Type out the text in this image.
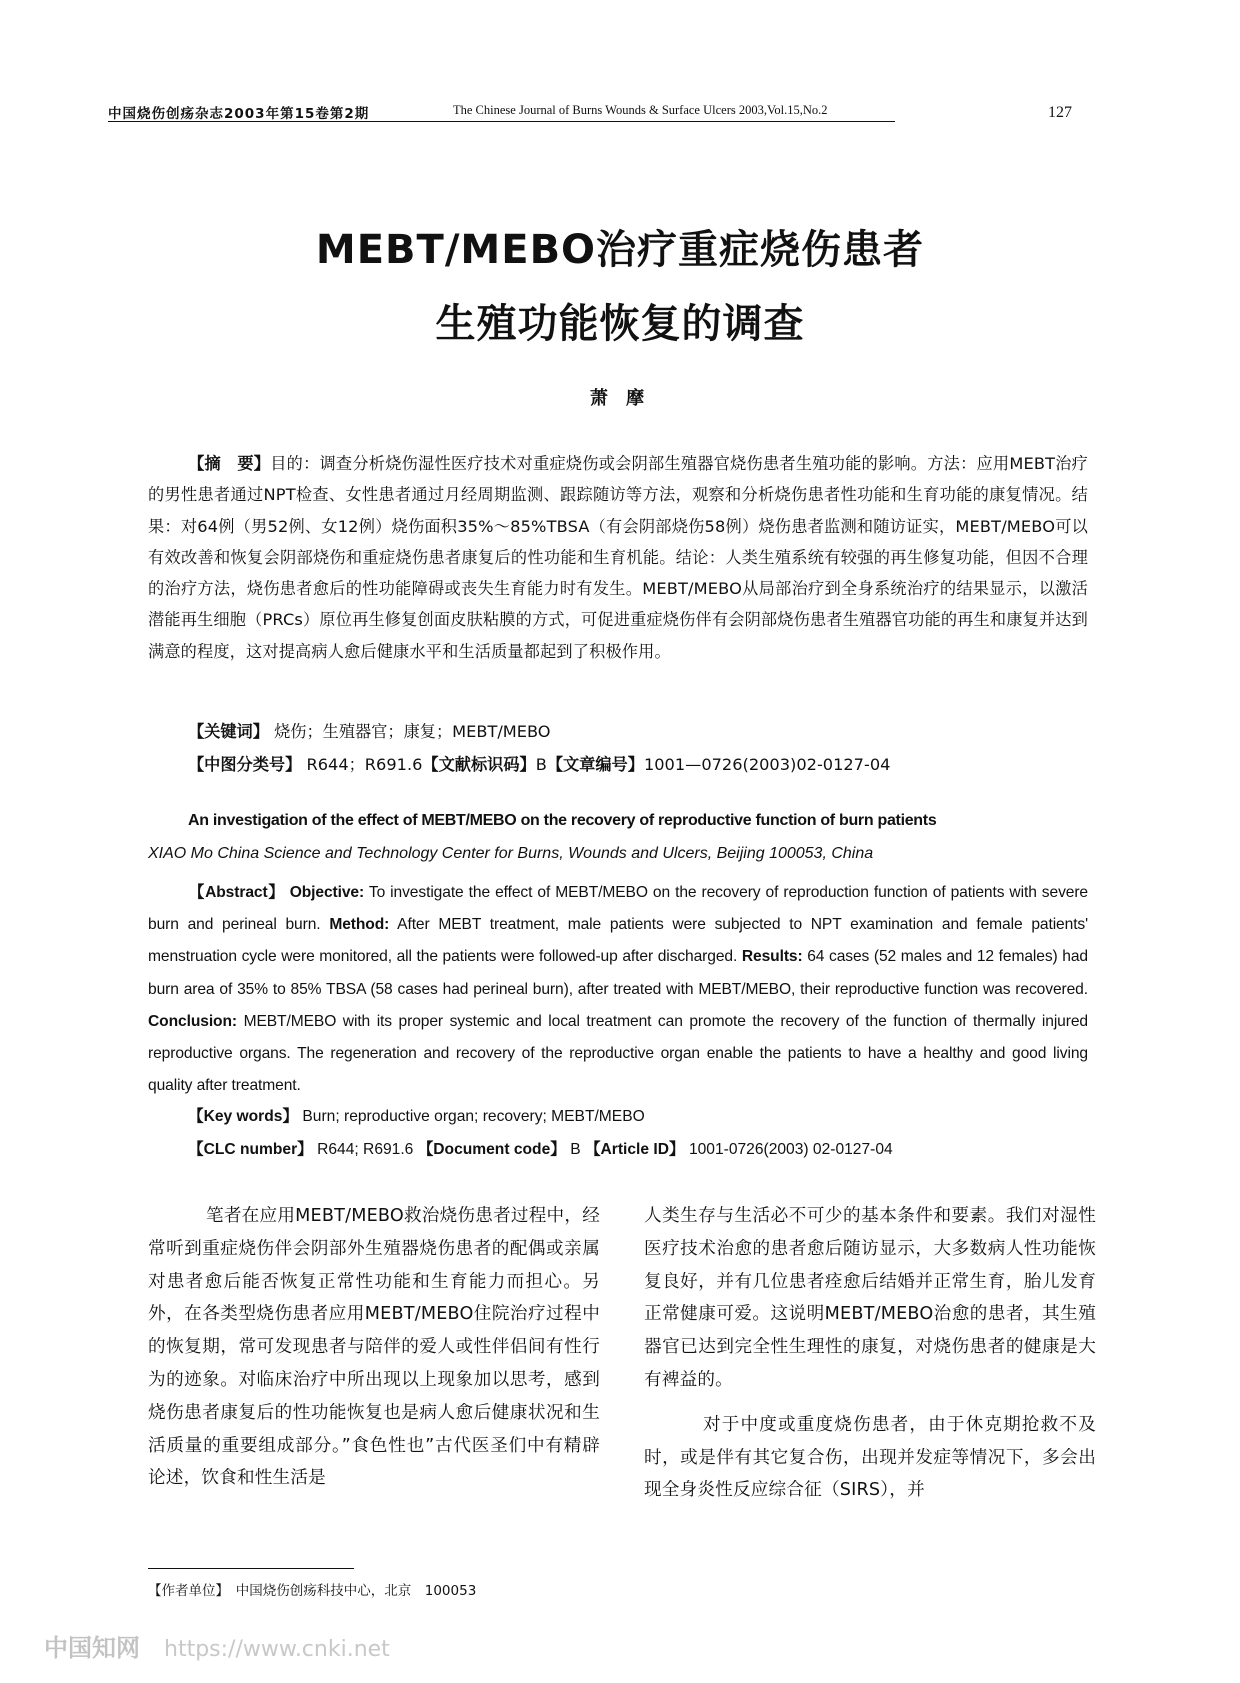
中国烧伤创疡杂志2003年第15卷第2期	The Chinese Journal of Burns Wounds & Surface Ulcers 2003,Vol.15,No.2	127
MEBT/MEBO治疗重症烧伤患者
生殖功能恢复的调查
萧 摩
【摘　要】目的：调查分析烧伤湿性医疗技术对重症烧伤或会阴部生殖器官烧伤患者生殖功能的影响。方法：应用MEBT治疗的男性患者通过NPT检查、女性患者通过月经周期监测、跟踪随访等方法，观察和分析烧伤患者性功能和生育功能的康复情况。结果：对64例（男52例、女12例）烧伤面积35%～85%TBSA（有会阴部烧伤58例）烧伤患者监测和随访证实，MEBT/MEBO可以有效改善和恢复会阴部烧伤和重症烧伤患者康复后的性功能和生育机能。结论：人类生殖系统有较强的再生修复功能，但因不合理的治疗方法，烧伤患者愈后的性功能障碍或丧失生育能力时有发生。MEBT/MEBO从局部治疗到全身系统治疗的结果显示，以激活潜能再生细胞（PRCs）原位再生修复创面皮肤粘膜的方式，可促进重症烧伤伴有会阴部烧伤患者生殖器官功能的再生和康复并达到满意的程度，这对提高病人愈后健康水平和生活质量都起到了积极作用。
【关键词】 烧伤；生殖器官；康复；MEBT/MEBO
【中图分类号】 R644；R691.6【文献标识码】B【文章编号】1001—0726(2003)02-0127-04
An investigation of the effect of MEBT/MEBO on the recovery of reproductive function of burn patients
XIAO Mo China Science and Technology Center for Burns, Wounds and Ulcers, Beijing 100053, China
【Abstract】 Objective: To investigate the effect of MEBT/MEBO on the recovery of reproduction function of patients with severe burn and perineal burn. Method: After MEBT treatment, male patients were subjected to NPT examination and female patients' menstruation cycle were monitored, all the patients were followed-up after discharged. Results: 64 cases (52 males and 12 females) had burn area of 35% to 85% TBSA (58 cases had perineal burn), after treated with MEBT/MEBO, their reproductive function was recovered. Conclusion: MEBT/MEBO with its proper systemic and local treatment can promote the recovery of the function of thermally injured reproductive organs. The regeneration and recovery of the reproductive organ enable the patients to have a healthy and good living quality after treatment.
【Key words】 Burn; reproductive organ; recovery; MEBT/MEBO
【CLC number】 R644; R691.6 【Document code】 B 【Article ID】 1001-0726(2003) 02-0127-04
笔者在应用MEBT/MEBO救治烧伤患者过程中，经常听到重症烧伤伴会阴部外生殖器烧伤患者的配偶或亲属对患者愈后能否恢复正常性功能和生育能力而担心。另外，在各类型烧伤患者应用MEBT/MEBO住院治疗过程中的恢复期，常可发现患者与陪伴的爱人或性伴侣间有性行为的迹象。对临床治疗中所出现以上现象加以思考，感到烧伤患者康复后的性功能恢复也是病人愈后健康状况和生活质量的重要组成部分。”食色性也”古代医圣们中有精辟论述，饮食和性生活是
人类生存与生活必不可少的基本条件和要素。我们对湿性医疗技术治愈的患者愈后随访显示，大多数病人性功能恢复良好，并有几位患者痊愈后结婚并正常生育，胎儿发育正常健康可爱。这说明MEBT/MEBO治愈的患者，其生殖器官已达到完全性生理性的康复，对烧伤患者的健康是大有裨益的。
对于中度或重度烧伤患者，由于休克期抢救不及时，或是伴有其它复合伤，出现并发症等情况下，多会出现全身炎性反应综合征（SIRS），并
【作者单位】　中国烧伤创疡科技中心，北京　100053
中国知网 https://www.cnki.net
